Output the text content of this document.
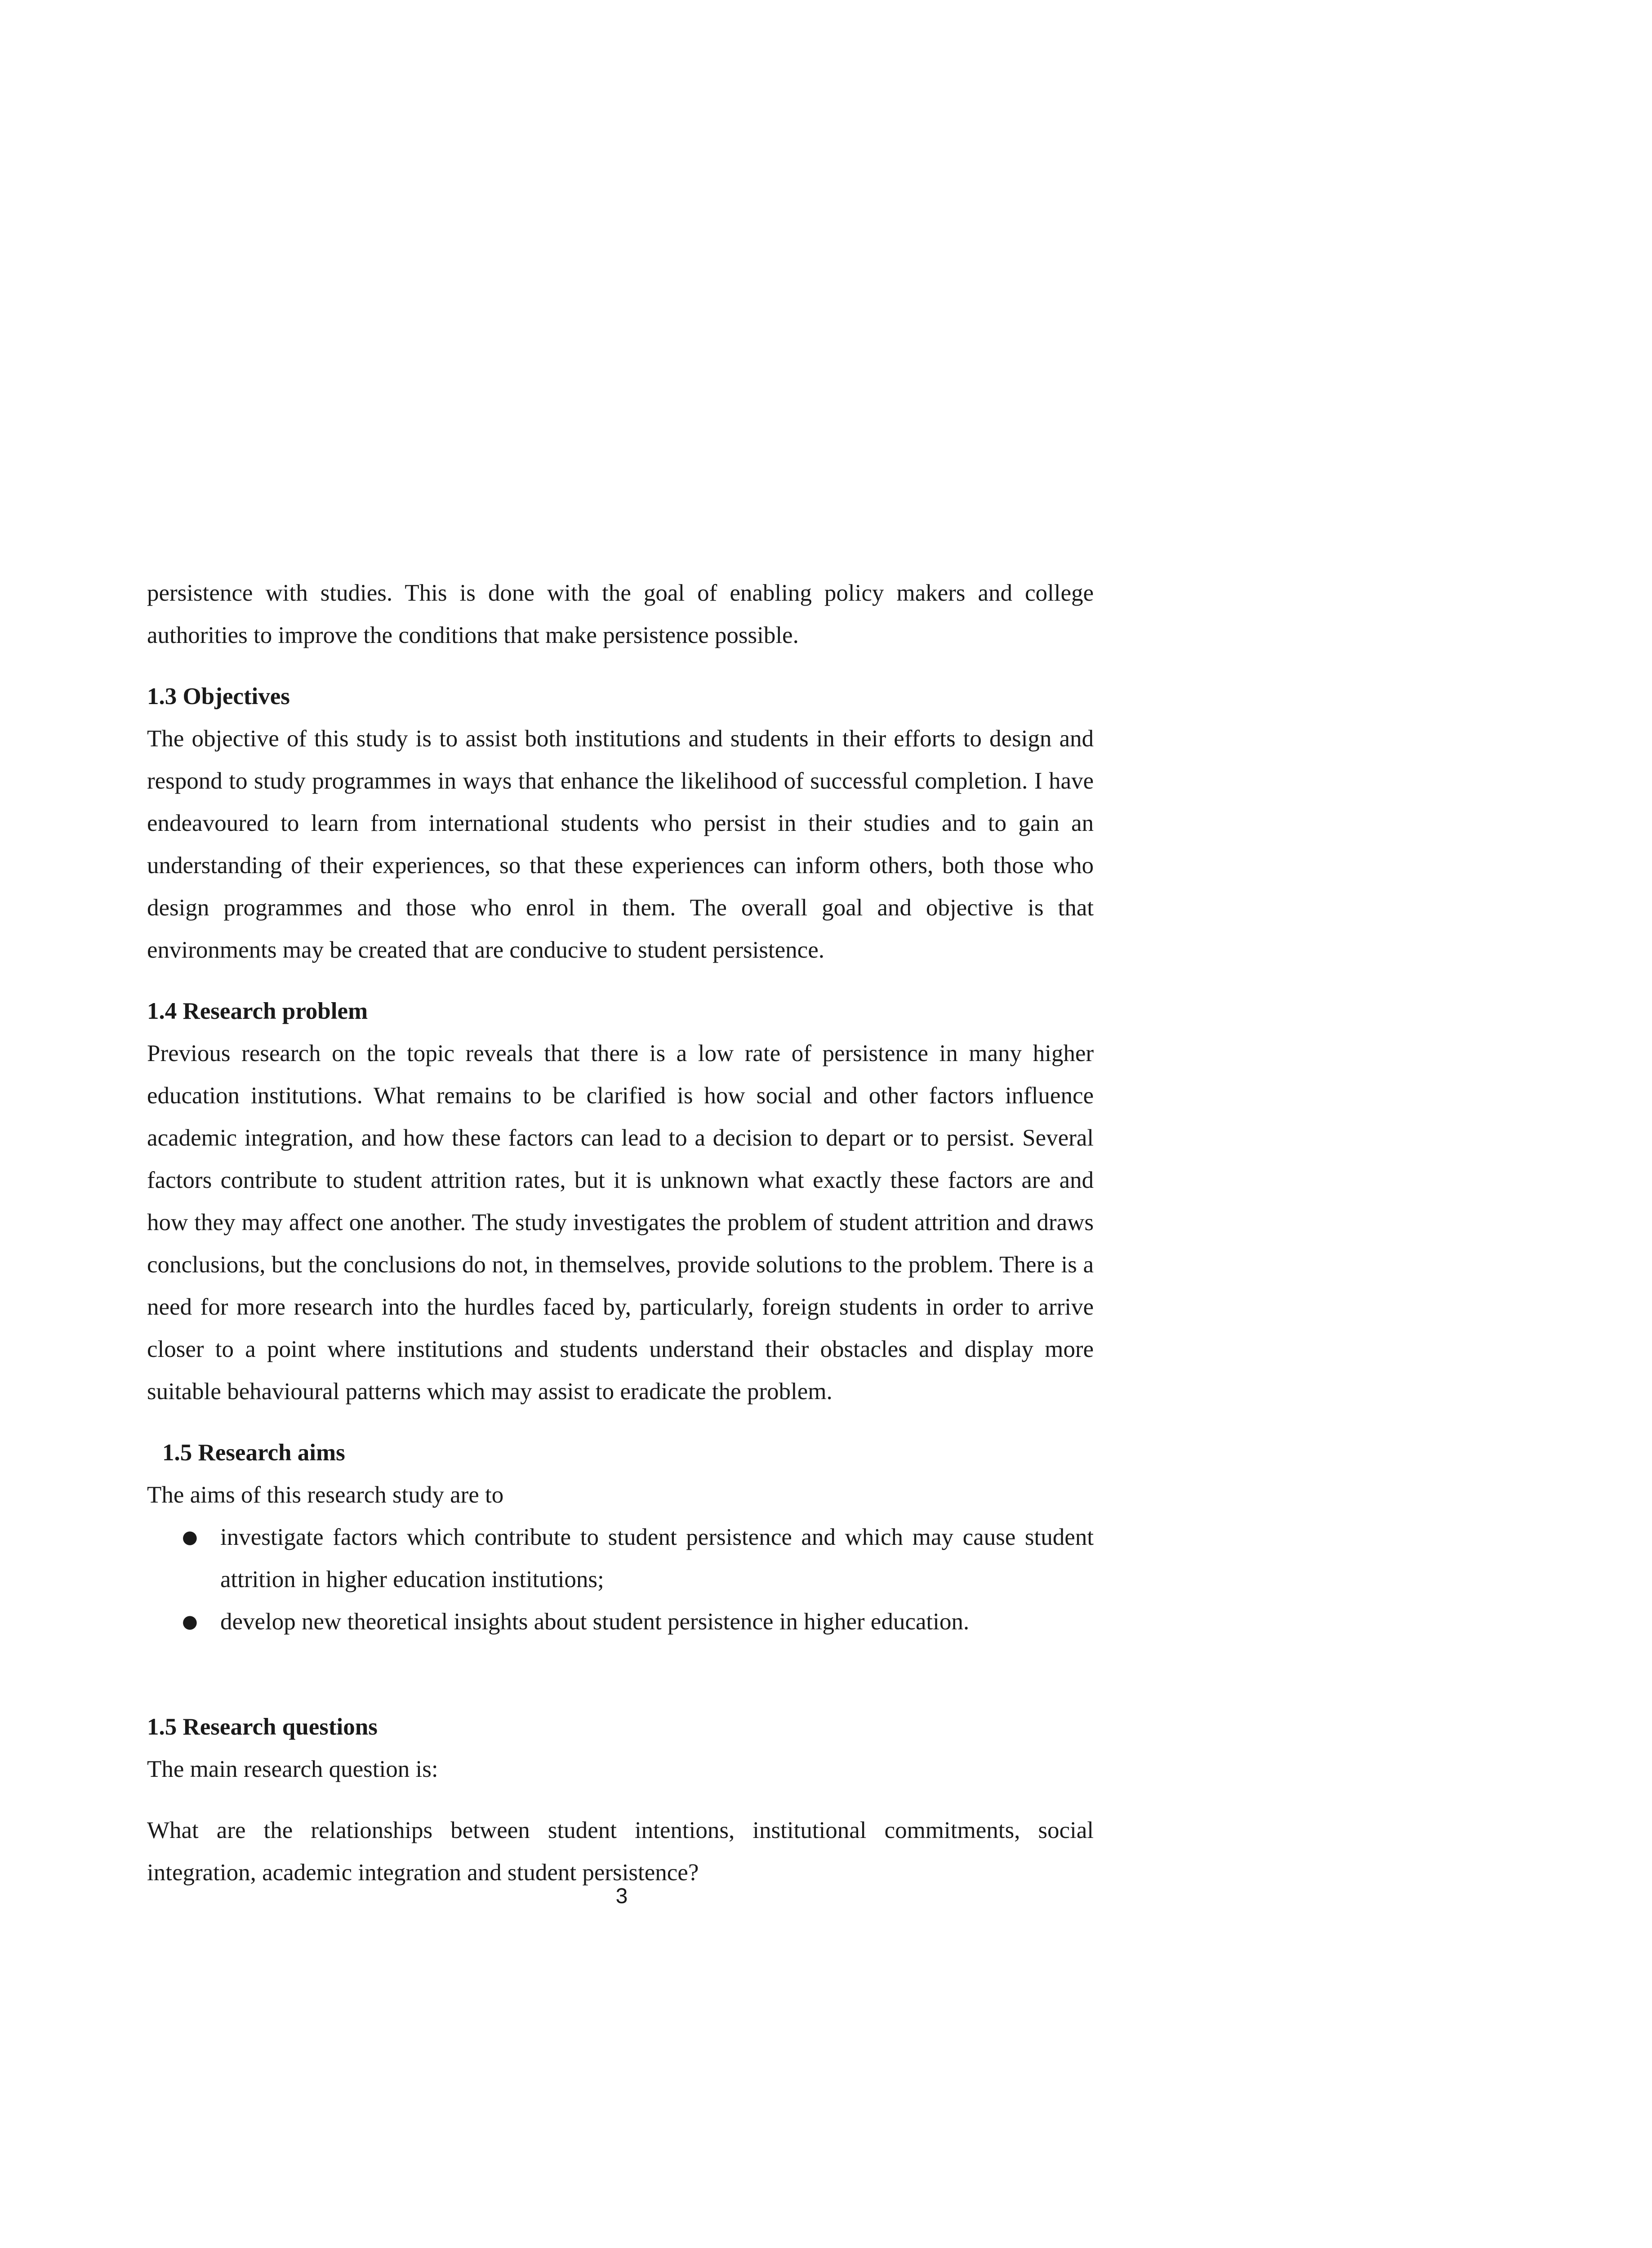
persistence with studies. This is done with the goal of enabling policy makers and college authorities to improve the conditions that make persistence possible.

1.3 Objectives

The objective of this study is to assist both institutions and students in their efforts to design and respond to study programmes in ways that enhance the likelihood of successful completion. I have endeavoured to learn from international students who persist in their studies and to gain an understanding of their experiences, so that these experiences can inform others, both those who design programmes and those who enrol in them. The overall goal and objective is that environments may be created that are conducive to student persistence.

1.4 Research problem

Previous research on the topic reveals that there is a low rate of persistence in many higher education institutions. What remains to be clarified is how social and other factors influence academic integration, and how these factors can lead to a decision to depart or to persist. Several factors contribute to student attrition rates, but it is unknown what exactly these factors are and how they may affect one another. The study investigates the problem of student attrition and draws conclusions, but the conclusions do not, in themselves, provide solutions to the problem. There is a need for more research into the hurdles faced by, particularly, foreign students in order to arrive closer to a point where institutions and students understand their obstacles and display more suitable behavioural patterns which may assist to eradicate the problem.

1.5 Research aims

The aims of this research study are to

● investigate factors which contribute to student persistence and which may cause student attrition in higher education institutions;
● develop new theoretical insights about student persistence in higher education.
1.5 Research questions

The main research question is:

What are the relationships between student intentions, institutional commitments, social integration, academic integration and student persistence?

3
